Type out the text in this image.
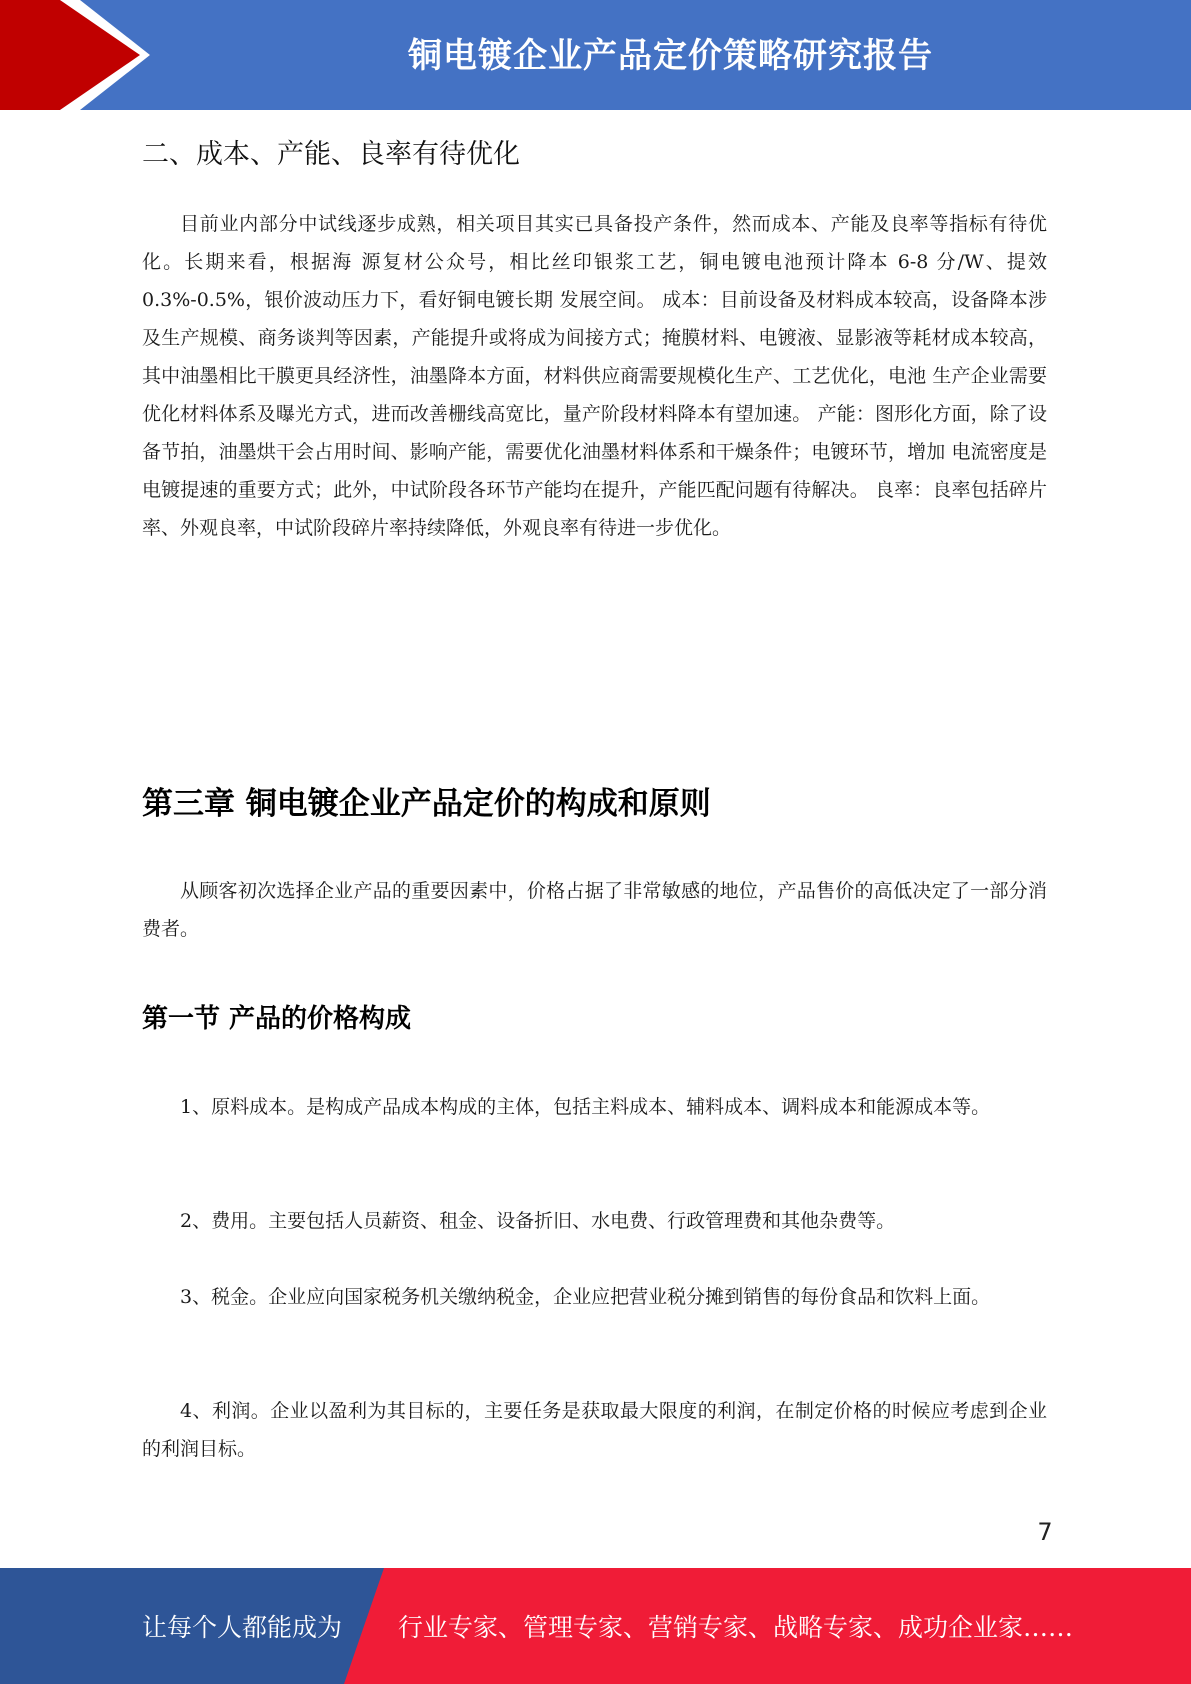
铜电镀企业产品定价策略研究报告
二、成本、产能、良率有待优化

目前业内部分中试线逐步成熟，相关项目其实已具备投产条件，然而成本、产能及良率等指标有待优化。长期来看，根据海 源复材公众号，相比丝印银浆工艺，铜电镀电池预计降本 6-8 分/W、提效 0.3%-0.5%，银价波动压力下，看好铜电镀长期 发展空间。 成本：目前设备及材料成本较高，设备降本涉及生产规模、商务谈判等因素，产能提升或将成为间接方式；掩膜材料、电镀液、显影液等耗材成本较高，其中油墨相比干膜更具经济性，油墨降本方面，材料供应商需要规模化生产、工艺优化，电池 生产企业需要优化材料体系及曝光方式，进而改善栅线高宽比，量产阶段材料降本有望加速。 产能：图形化方面，除了设备节拍，油墨烘干会占用时间、影响产能，需要优化油墨材料体系和干燥条件；电镀环节，增加 电流密度是电镀提速的重要方式；此外，中试阶段各环节产能均在提升，产能匹配问题有待解决。 良率：良率包括碎片率、外观良率，中试阶段碎片率持续降低，外观良率有待进一步优化。

第三章 铜电镀企业产品定价的构成和原则

从顾客初次选择企业产品的重要因素中，价格占据了非常敏感的地位，产品售价的高低决定了一部分消费者。

第一节 产品的价格构成

1、原料成本。是构成产品成本构成的主体，包括主料成本、辅料成本、调料成本和能源成本等。

2、费用。主要包括人员薪资、租金、设备折旧、水电费、行政管理费和其他杂费等。

3、税金。企业应向国家税务机关缴纳税金，企业应把营业税分摊到销售的每份食品和饮料上面。

4、利润。企业以盈利为其目标的，主要任务是获取最大限度的利润，在制定价格的时候应考虑到企业的利润目标。

7
让每个人都能成为 行业专家、管理专家、营销专家、战略专家、成功企业家……
